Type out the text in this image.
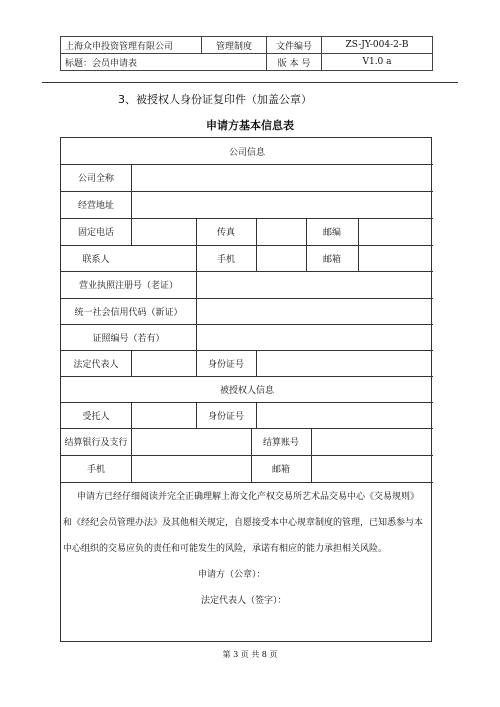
上海众申投资管理有限公司	管理制度	文件编号	ZS-JY-004-2-B
标题：会员申请表		版 本 号	V1.0 a
3、被授权人身份证复印件（加盖公章）
申请方基本信息表
公司信息
公司全称
经营地址
固定电话	传真	邮编
联系人	手机	邮箱
营业执照注册号（老证）
统一社会信用代码（新证）
证照编号（若有）
法定代表人	身份证号
被授权人信息
受托人	身份证号
结算银行及支行	结算账号
手机	邮箱

申请方已经仔细阅读并完全正确理解上海文化产权交易所艺术品交易中心《交易规则》

和《经纪会员管理办法》及其他相关规定，自愿接受本中心规章制度的管理，已知悉参与本

中心组织的交易应负的责任和可能发生的风险，承诺有相应的能力承担相关风险。

申请方（公章）：

法定代表人（签字）：

第 3 页 共 8 页
